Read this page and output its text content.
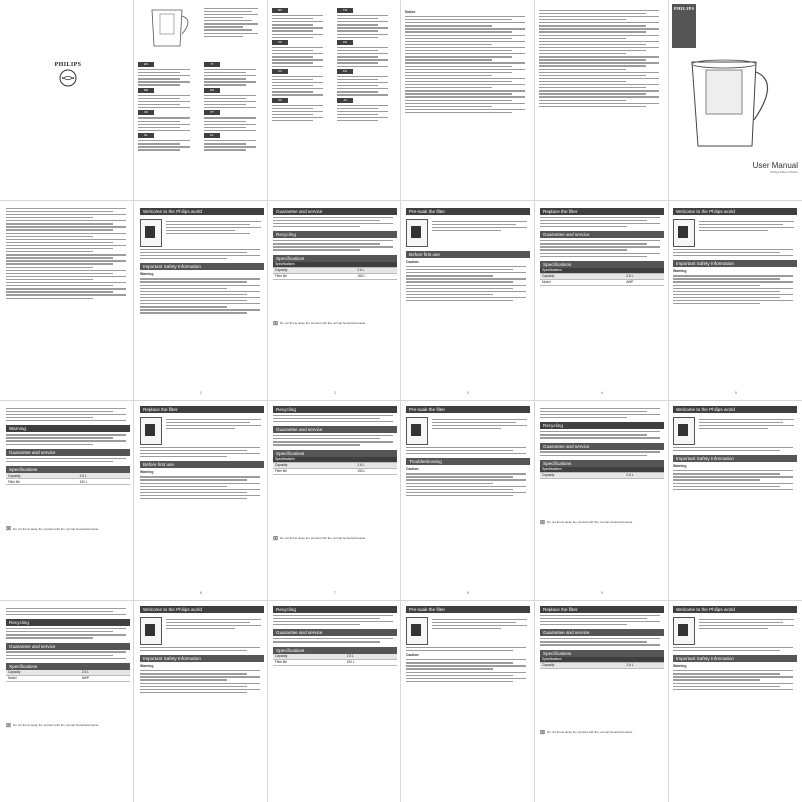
PHILIPS	EN
DE
FR
NL
IT
ES
PT
PL
RU
UK
CS
SK
TR
ZH
KO
JA
Notice
PHILIPS
User Manual
Philips Water Pitcher
Welcome to the Philips world
Important Safety Information
Warning
Guarantee and service
Recycling
Specifications
Specifications	
Capacity	2.6 L
Filter life	150 L
⊠ Do not throw away the product with the normal household waste.
Pre-soak the filter
Before first use
Caution
Replace the filter
Guarantee and service
Specifications
Specifications	
Capacity	2.6 L
Model	AWP
Welcome to the Philips world
Important Safety Information
Warning
Warning
Guarantee and service
Specifications
Capacity	2.6 L
Filter life	150 L
⊠ Do not throw away the product with the normal household waste.
Replace the filter
Before first use
Warning
Recycling
Guarantee and service
Specifications
Specifications	
Capacity	2.6 L
Filter life	150 L
⊠ Do not throw away the product with the normal household waste.
Pre-soak the filter
Troubleshooting
Caution
Recycling
Guarantee and service
Specifications
Specifications	
Capacity	2.6 L
⊠ Do not throw away the product with the normal household waste.
Welcome to the Philips world
Important Safety Information
Warning
Recycling
Guarantee and service
Specifications
Capacity	2.6 L
Model	AWP
⊠ Do not throw away the product with the normal household waste.
Welcome to the Philips world
Important Safety Information
Warning
Recycling
Guarantee and service
Specifications
Capacity	2.6 L
Filter life	150 L
Pre-soak the filter
Caution
Replace the filter
Guarantee and service
Specifications
Specifications	
Capacity	2.6 L
⊠ Do not throw away the product with the normal household waste.
Welcome to the Philips world
Important Safety Information
Warning
1	2	3	4	5
6	7	8	9
